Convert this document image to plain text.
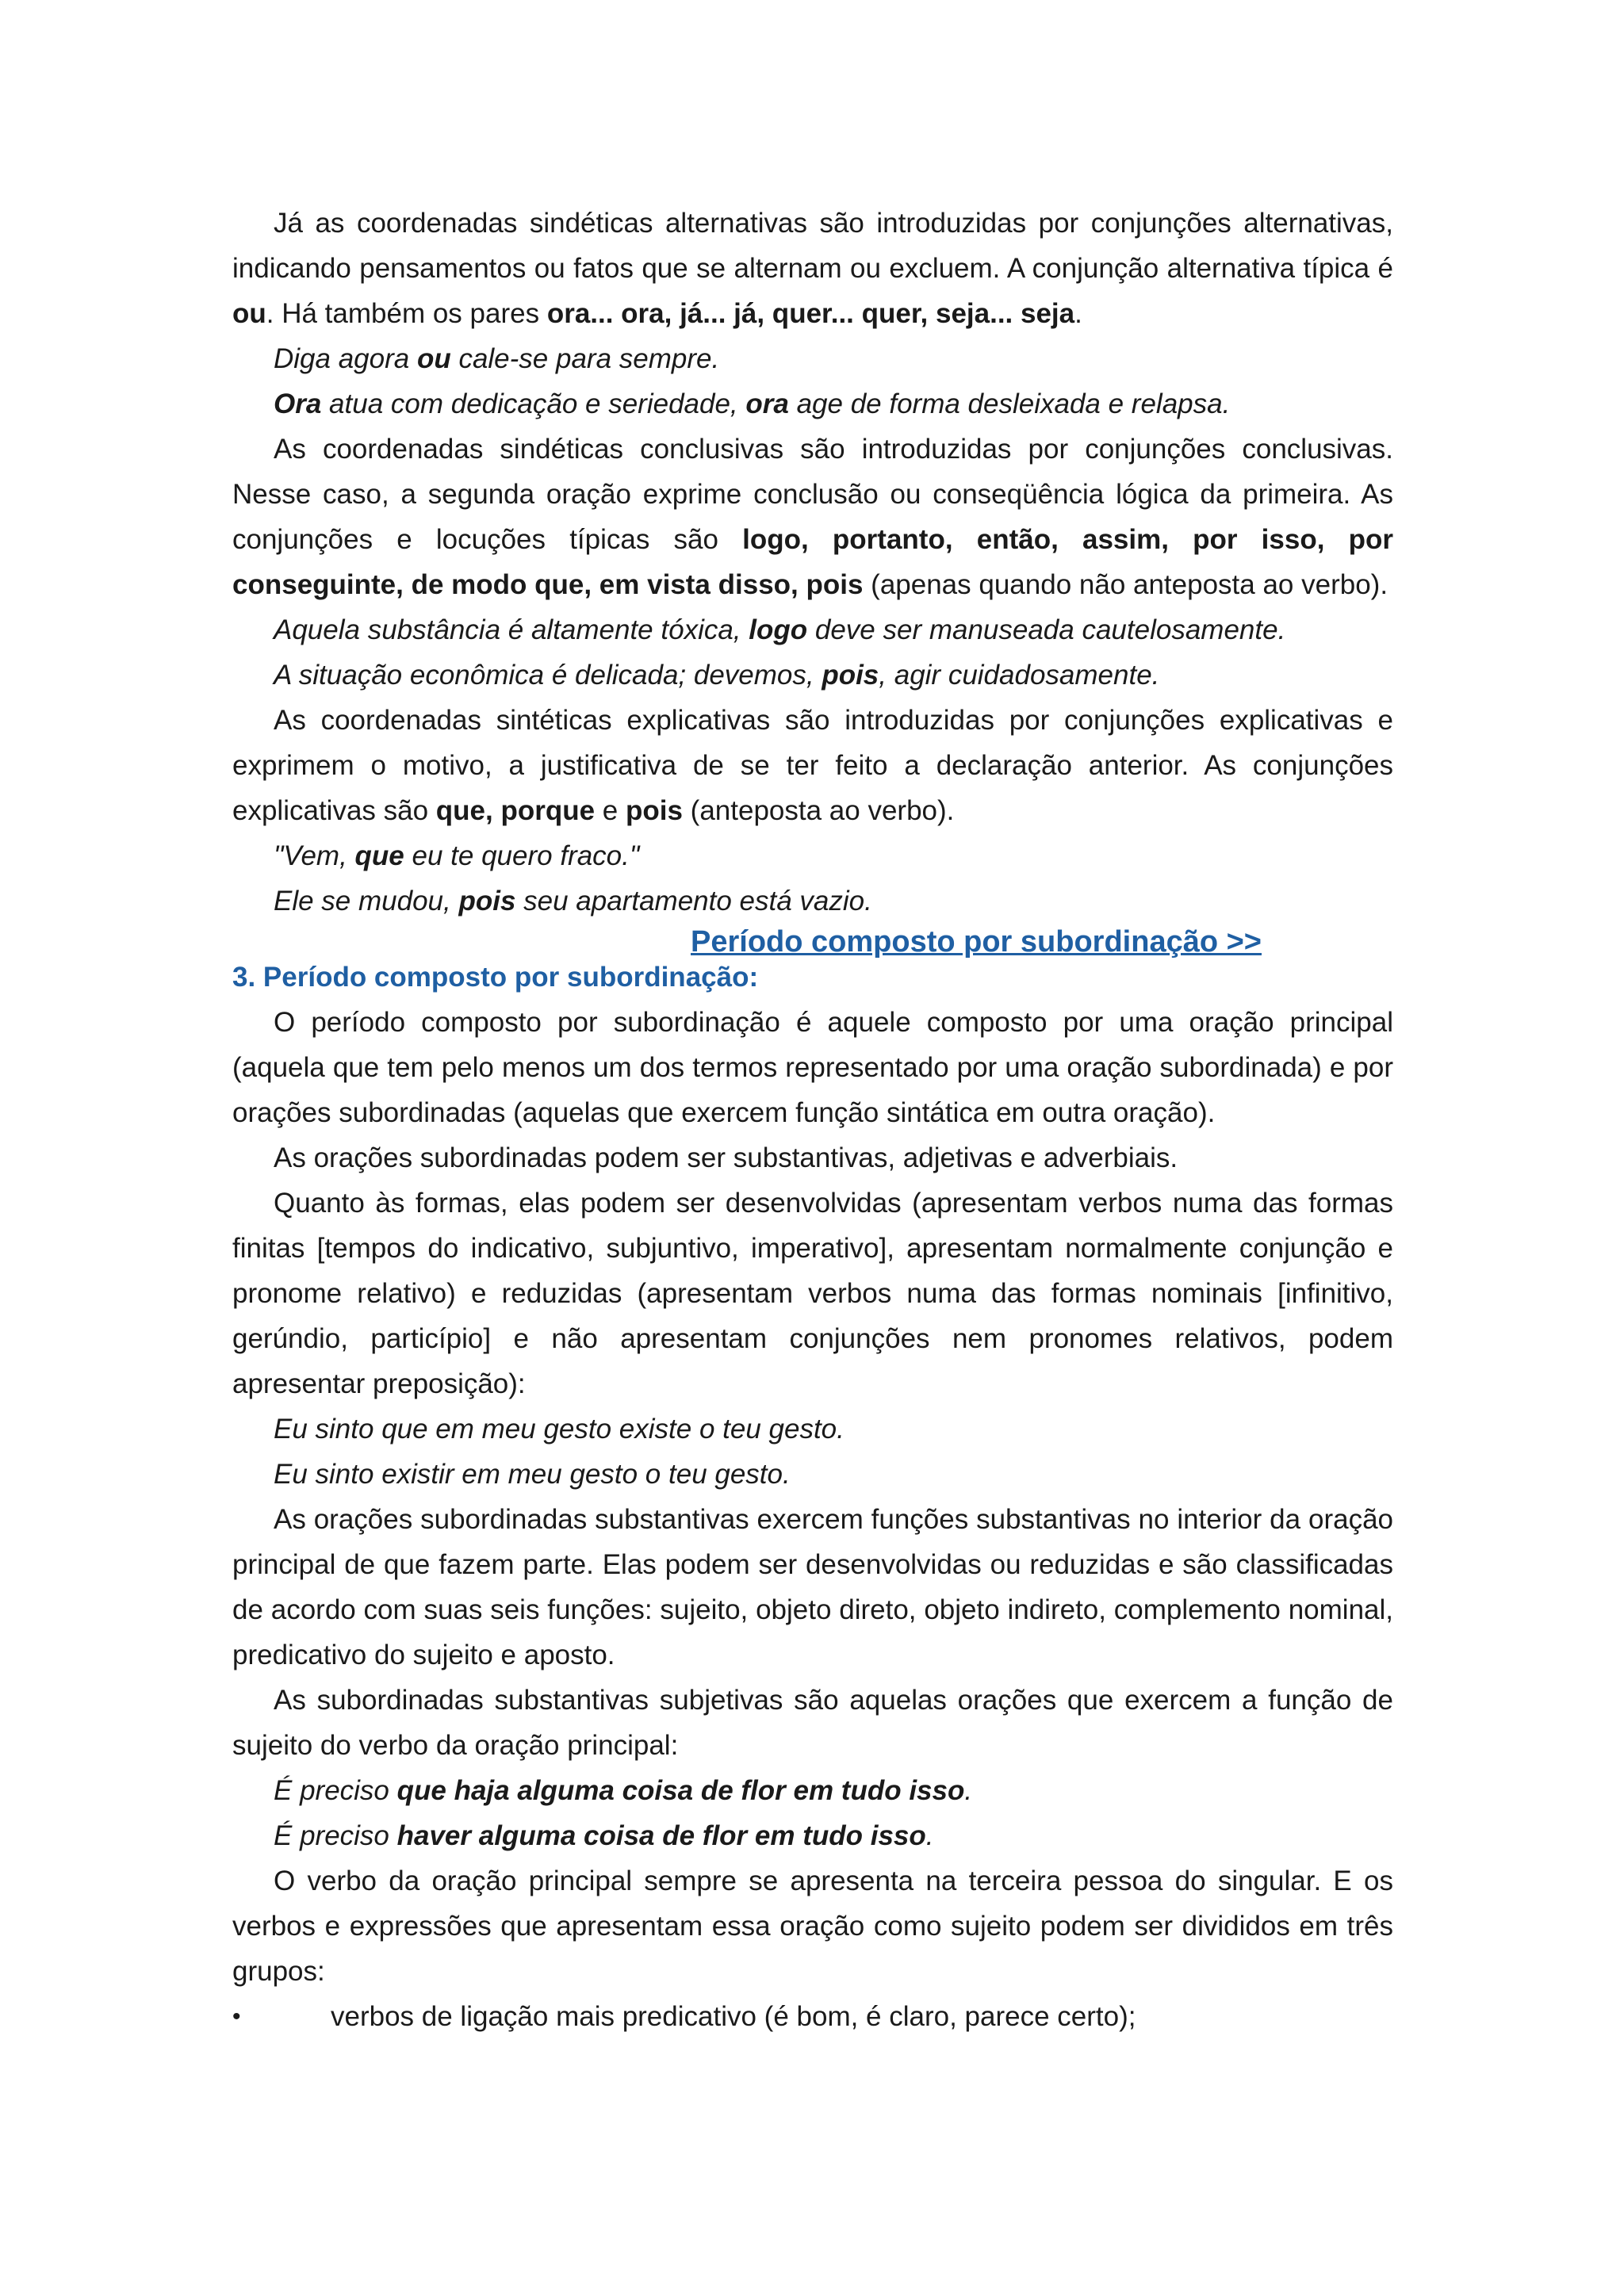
Já as coordenadas sindéticas alternativas são introduzidas por conjunções alternativas, indicando pensamentos ou fatos que se alternam ou excluem. A conjunção alternativa típica é ou. Há também os pares ora... ora, já... já, quer... quer, seja... seja.

Diga agora ou cale-se para sempre.

Ora atua com dedicação e seriedade, ora age de forma desleixada e relapsa.

As coordenadas sindéticas conclusivas são introduzidas por conjunções conclusivas. Nesse caso, a segunda oração exprime conclusão ou conseqüência lógica da primeira. As conjunções e locuções típicas são logo, portanto, então, assim, por isso, por conseguinte, de modo que, em vista disso, pois (apenas quando não anteposta ao verbo).

Aquela substância é altamente tóxica, logo deve ser manuseada cautelosamente.

A situação econômica é delicada; devemos, pois, agir cuidadosamente.

As coordenadas sintéticas explicativas são introduzidas por conjunções explicativas e exprimem o motivo, a justificativa de se ter feito a declaração anterior. As conjunções explicativas são que, porque e pois (anteposta ao verbo).

"Vem, que eu te quero fraco."

Ele se mudou, pois seu apartamento está vazio.

Período composto por subordinação >>

3. Período composto por subordinação:

O período composto por subordinação é aquele composto por uma oração principal (aquela que tem pelo menos um dos termos representado por uma oração subordinada) e por orações subordinadas (aquelas que exercem função sintática em outra oração).

As orações subordinadas podem ser substantivas, adjetivas e adverbiais.

Quanto às formas, elas podem ser desenvolvidas (apresentam verbos numa das formas finitas [tempos do indicativo, subjuntivo, imperativo], apresentam normalmente conjunção e pronome relativo) e reduzidas (apresentam verbos numa das formas nominais [infinitivo, gerúndio, particípio] e não apresentam conjunções nem pronomes relativos, podem apresentar preposição):

Eu sinto que em meu gesto existe o teu gesto.

Eu sinto existir em meu gesto o teu gesto.

As orações subordinadas substantivas exercem funções substantivas no interior da oração principal de que fazem parte. Elas podem ser desenvolvidas ou reduzidas e são classificadas de acordo com suas seis funções: sujeito, objeto direto, objeto indireto, complemento nominal, predicativo do sujeito e aposto.

As subordinadas substantivas subjetivas são aquelas orações que exercem a função de sujeito do verbo da oração principal:

É preciso que haja alguma coisa de flor em tudo isso.

É preciso haver alguma coisa de flor em tudo isso.

O verbo da oração principal sempre se apresenta na terceira pessoa do singular. E os verbos e expressões que apresentam essa oração como sujeito podem ser divididos em três grupos:

•	verbos de ligação mais predicativo (é bom, é claro, parece certo);
